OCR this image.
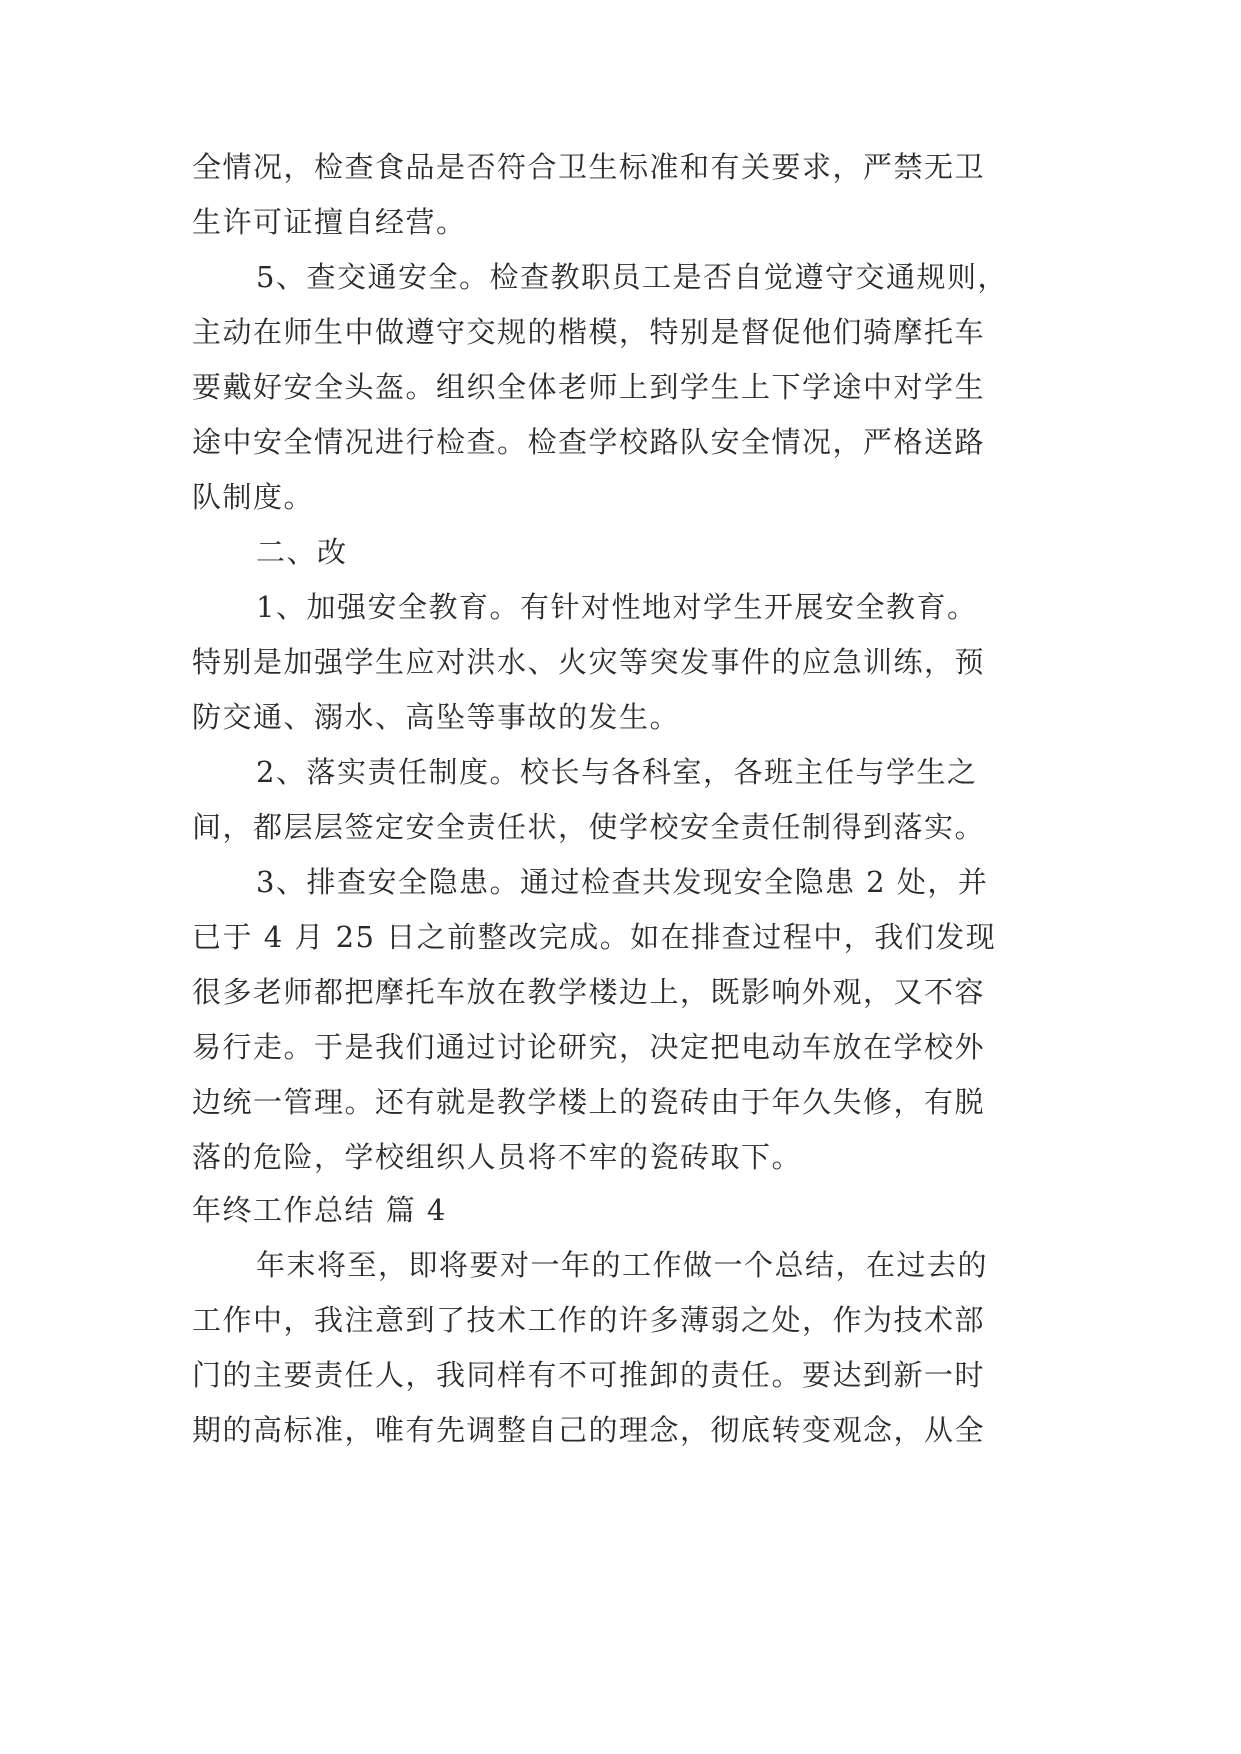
全情况，检查食品是否符合卫生标准和有关要求，严禁无卫

生许可证擅自经营。

5、查交通安全。检查教职员工是否自觉遵守交通规则，

主动在师生中做遵守交规的楷模，特别是督促他们骑摩托车

要戴好安全头盔。组织全体老师上到学生上下学途中对学生

途中安全情况进行检查。检查学校路队安全情况，严格送路

队制度。

二、改

1、加强安全教育。有针对性地对学生开展安全教育。

特别是加强学生应对洪水、火灾等突发事件的应急训练，预

防交通、溺水、高坠等事故的发生。

2、落实责任制度。校长与各科室，各班主任与学生之

间，都层层签定安全责任状，使学校安全责任制得到落实。

3、排查安全隐患。通过检查共发现安全隐患 2 处，并

已于 4 月 25 日之前整改完成。如在排查过程中，我们发现

很多老师都把摩托车放在教学楼边上，既影响外观，又不容

易行走。于是我们通过讨论研究，决定把电动车放在学校外

边统一管理。还有就是教学楼上的瓷砖由于年久失修，有脱

落的危险，学校组织人员将不牢的瓷砖取下。

年终工作总结 篇 4

年末将至，即将要对一年的工作做一个总结，在过去的

工作中，我注意到了技术工作的许多薄弱之处，作为技术部

门的主要责任人，我同样有不可推卸的责任。要达到新一时

期的高标准，唯有先调整自己的理念，彻底转变观念，从全
